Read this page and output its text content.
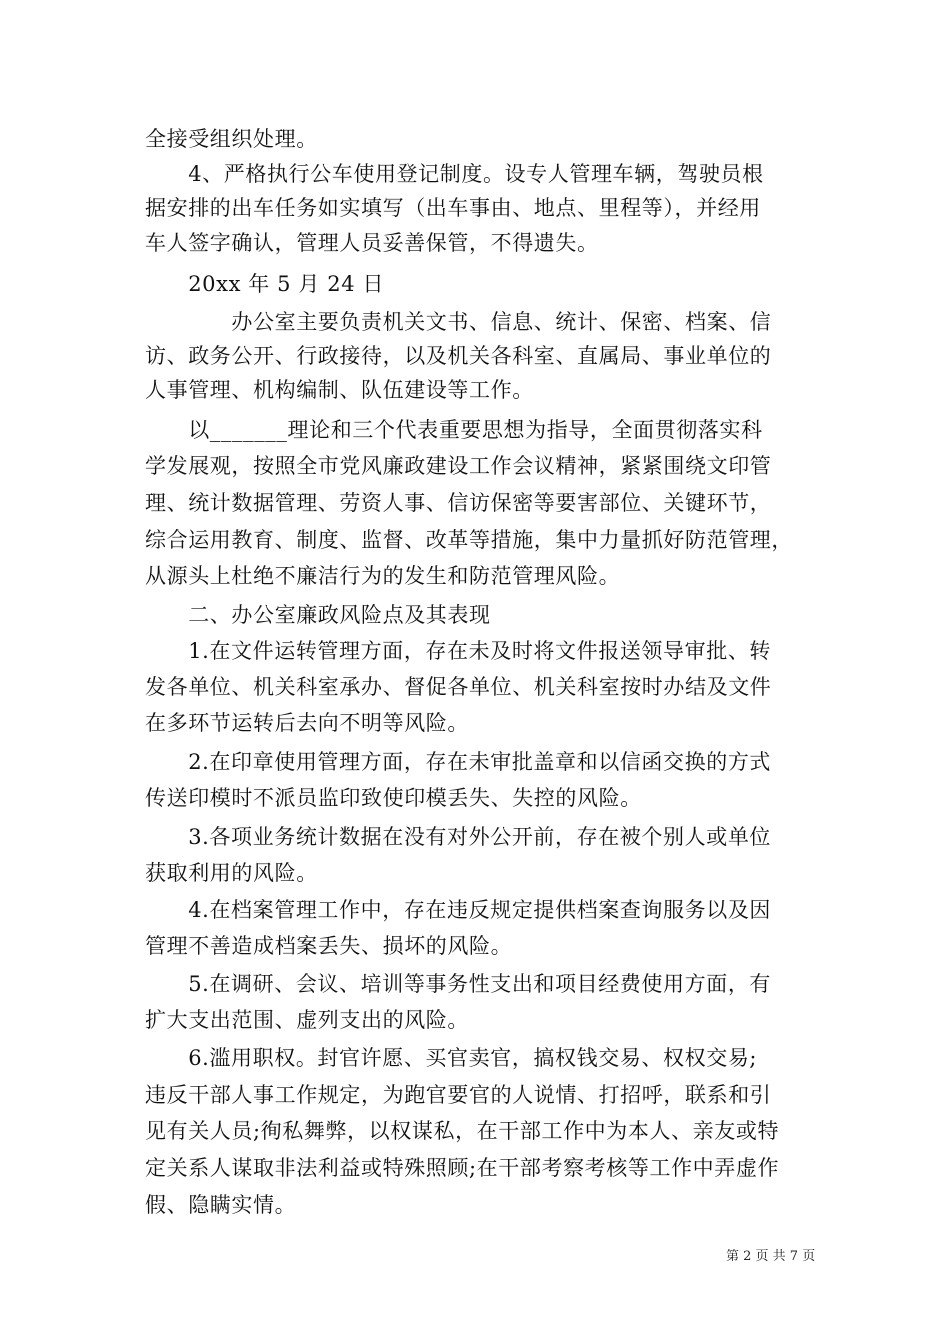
全接受组织处理。
　　4、严格执行公车使用登记制度。设专人管理车辆，驾驶员根
据安排的出车任务如实填写（出车事由、地点、里程等），并经用
车人签字确认，管理人员妥善保管，不得遗失。
　　20xx 年 5 月 24 日
　　　　办公室主要负责机关文书、信息、统计、保密、档案、信
访、政务公开、行政接待，以及机关各科室、直属局、事业单位的
人事管理、机构编制、队伍建设等工作。
　　以_______理论和三个代表重要思想为指导，全面贯彻落实科
学发展观，按照全市党风廉政建设工作会议精神，紧紧围绕文印管
理、统计数据管理、劳资人事、信访保密等要害部位、关键环节，
综合运用教育、制度、监督、改革等措施，集中力量抓好防范管理，
从源头上杜绝不廉洁行为的发生和防范管理风险。
　　二、办公室廉政风险点及其表现
　　1.在文件运转管理方面，存在未及时将文件报送领导审批、转
发各单位、机关科室承办、督促各单位、机关科室按时办结及文件
在多环节运转后去向不明等风险。
　　2.在印章使用管理方面，存在未审批盖章和以信函交换的方式
传送印模时不派员监印致使印模丢失、失控的风险。
　　3.各项业务统计数据在没有对外公开前，存在被个别人或单位
获取利用的风险。
　　4.在档案管理工作中，存在违反规定提供档案查询服务以及因
管理不善造成档案丢失、损坏的风险。
　　5.在调研、会议、培训等事务性支出和项目经费使用方面，有
扩大支出范围、虚列支出的风险。
　　6.滥用职权。封官许愿、买官卖官，搞权钱交易、权权交易;
违反干部人事工作规定，为跑官要官的人说情、打招呼，联系和引
见有关人员;徇私舞弊，以权谋私，在干部工作中为本人、亲友或特
定关系人谋取非法利益或特殊照顾;在干部考察考核等工作中弄虚作
假、隐瞒实情。
第 2 页 共 7 页
